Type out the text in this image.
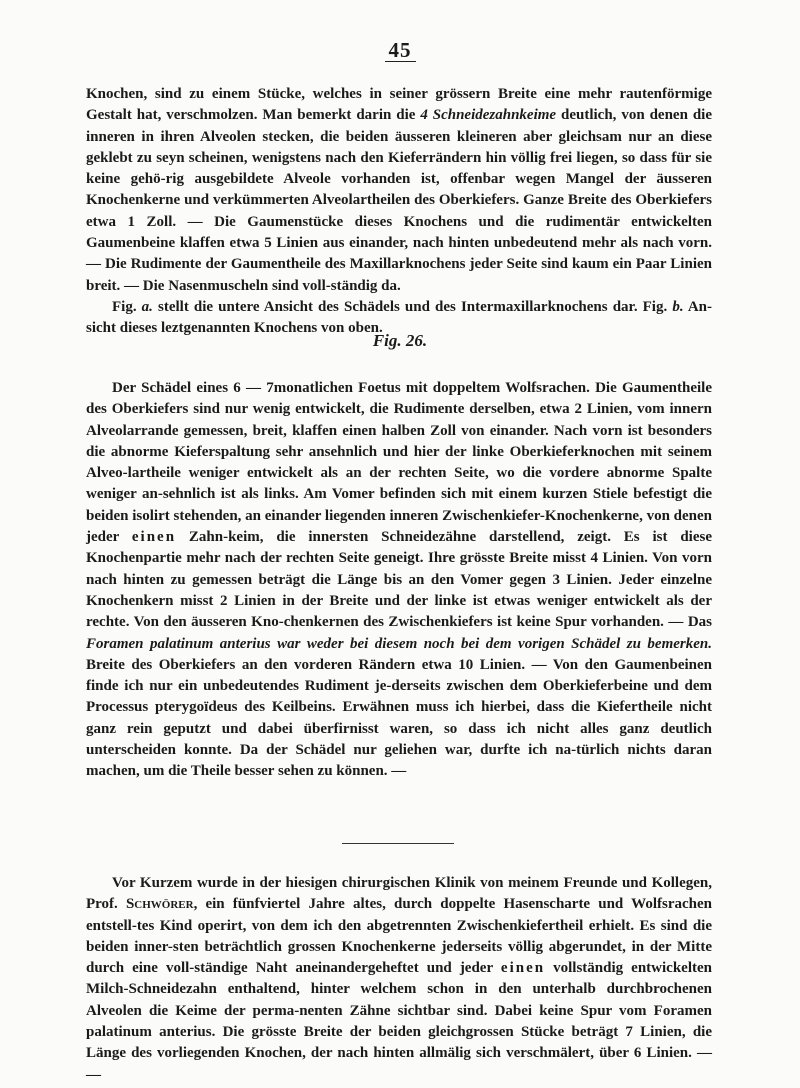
45
Knochen, sind zu einem Stücke, welches in seiner grössern Breite eine mehr rautenförmige Gestalt hat, verschmolzen. Man bemerkt darin die 4 Schneidezahnkeime deutlich, von denen die inneren in ihren Alveolen stecken, die beiden äusseren kleineren aber gleichsam nur an diese geklebt zu seyn scheinen, wenigstens nach den Kieferrändern hin völlig frei liegen, so dass für sie keine gehö-rig ausgebildete Alveole vorhanden ist, offenbar wegen Mangel der äusseren Knochenkerne und verkümmerten Alveolartheilen des Oberkiefers. Ganze Breite des Oberkiefers etwa 1 Zoll. — Die Gaumenstücke dieses Knochens und die rudimentär entwickelten Gaumenbeine klaffen etwa 5 Linien aus einander, nach hinten unbedeutend mehr als nach vorn. — Die Rudimente der Gaumentheile des Maxillarknochens jeder Seite sind kaum ein Paar Linien breit. — Die Nasenmuscheln sind voll-ständig da.
Fig. a. stellt die untere Ansicht des Schädels und des Intermaxillarknochens dar. Fig. b. An-sicht dieses leztgenannten Knochens von oben.
Fig. 26.
Der Schädel eines 6 — 7monatlichen Foetus mit doppeltem Wolfsrachen. Die Gaumentheile des Oberkiefers sind nur wenig entwickelt, die Rudimente derselben, etwa 2 Linien, vom innern Alveolarrande gemessen, breit, klaffen einen halben Zoll von einander. Nach vorn ist besonders die abnorme Kieferspaltung sehr ansehnlich und hier der linke Oberkieferknochen mit seinem Alveo-lartheile weniger entwickelt als an der rechten Seite, wo die vordere abnorme Spalte weniger an-sehnlich ist als links. Am Vomer befinden sich mit einem kurzen Stiele befestigt die beiden isolirt stehenden, an einander liegenden inneren Zwischenkiefer-Knochenkerne, von denen jeder einen Zahn-keim, die innersten Schneidezähne darstellend, zeigt. Es ist diese Knochenpartie mehr nach der rechten Seite geneigt. Ihre grösste Breite misst 4 Linien. Von vorn nach hinten zu gemessen beträgt die Länge bis an den Vomer gegen 3 Linien. Jeder einzelne Knochenkern misst 2 Linien in der Breite und der linke ist etwas weniger entwickelt als der rechte. Von den äusseren Kno-chenkernen des Zwischenkiefers ist keine Spur vorhanden. — Das Foramen palatinum anterius war weder bei diesem noch bei dem vorigen Schädel zu bemerken. Breite des Oberkiefers an den vorderen Rändern etwa 10 Linien. — Von den Gaumenbeinen finde ich nur ein unbedeutendes Rudiment je-derseits zwischen dem Oberkieferbeine und dem Processus pterygoïdeus des Keilbeins. Erwähnen muss ich hierbei, dass die Kiefertheile nicht ganz rein geputzt und dabei überfirnisst waren, so dass ich nicht alles ganz deutlich unterscheiden konnte. Da der Schädel nur geliehen war, durfte ich na-türlich nichts daran machen, um die Theile besser sehen zu können. —
Vor Kurzem wurde in der hiesigen chirurgischen Klinik von meinem Freunde und Kollegen, Prof. Schwörer, ein fünfviertel Jahre altes, durch doppelte Hasenscharte und Wolfsrachen entstell-tes Kind operirt, von dem ich den abgetrennten Zwischenkiefertheil erhielt. Es sind die beiden inner-sten beträchtlich grossen Knochenkerne jederseits völlig abgerundet, in der Mitte durch eine voll-ständige Naht aneinandergeheftet und jeder einen vollständig entwickelten Milch-Schneidezahn enthaltend, hinter welchem schon in den unterhalb durchbrochenen Alveolen die Keime der perma-nenten Zähne sichtbar sind. Dabei keine Spur vom Foramen palatinum anterius. Die grösste Breite der beiden gleichgrossen Stücke beträgt 7 Linien, die Länge des vorliegenden Knochen, der nach hinten allmälig sich verschmälert, über 6 Linien. — —
